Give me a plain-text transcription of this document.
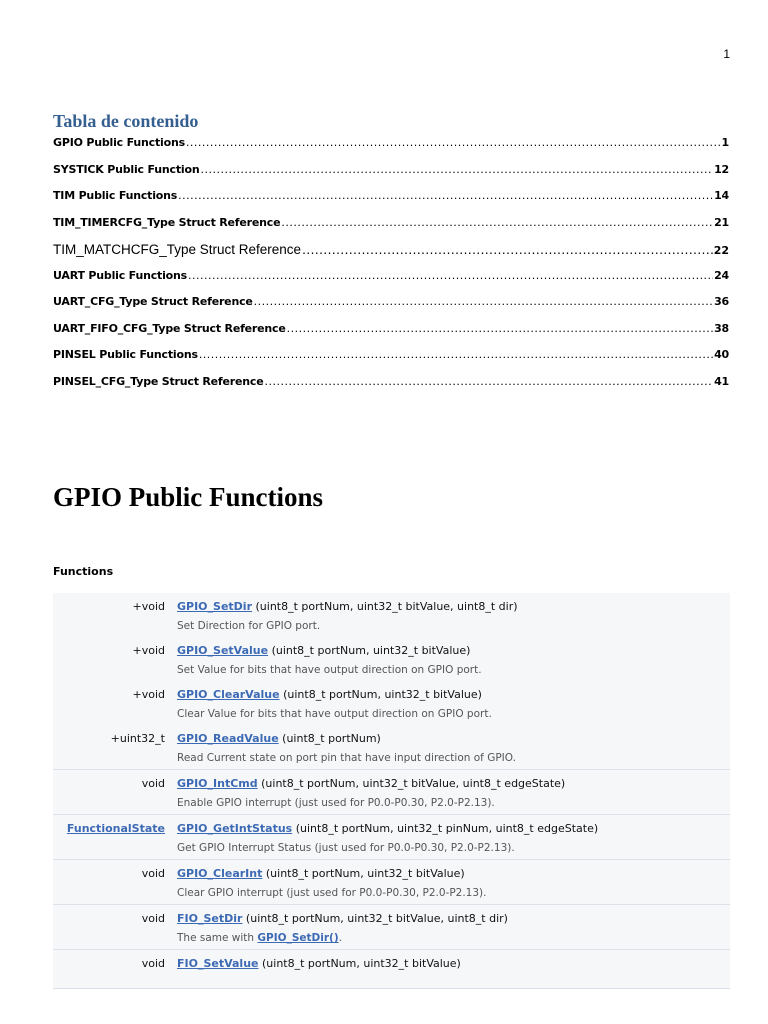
1
Tabla de contenido
GPIO Public Functions .....	1
SYSTICK Public Function .....	12
TIM Public Functions .....	14
TIM_TIMERCFG_Type Struct Reference .....	21
TIM_MATCHCFG_Type Struct Reference .....	22
UART Public Functions .....	24
UART_CFG_Type Struct Reference .....	36
UART_FIFO_CFG_Type Struct Reference .....	38
PINSEL Public Functions .....	40
PINSEL_CFG_Type Struct Reference .....	41
GPIO Public Functions
Functions
+void	GPIO_SetDir (uint8_t portNum, uint32_t bitValue, uint8_t dir)
Set Direction for GPIO port.

+void	GPIO_SetValue (uint8_t portNum, uint32_t bitValue)
Set Value for bits that have output direction on GPIO port.

+void	GPIO_ClearValue (uint8_t portNum, uint32_t bitValue)
Clear Value for bits that have output direction on GPIO port.

+uint32_t	GPIO_ReadValue (uint8_t portNum)
Read Current state on port pin that have input direction of GPIO.

void	GPIO_IntCmd (uint8_t portNum, uint32_t bitValue, uint8_t edgeState)
Enable GPIO interrupt (just used for P0.0-P0.30, P2.0-P2.13).

FunctionalState	GPIO_GetIntStatus (uint8_t portNum, uint32_t pinNum, uint8_t edgeState)
Get GPIO Interrupt Status (just used for P0.0-P0.30, P2.0-P2.13).

void	GPIO_ClearInt (uint8_t portNum, uint32_t bitValue)
Clear GPIO interrupt (just used for P0.0-P0.30, P2.0-P2.13).

void	FIO_SetDir (uint8_t portNum, uint32_t bitValue, uint8_t dir)
The same with GPIO_SetDir().

void	FIO_SetValue (uint8_t portNum, uint32_t bitValue)
